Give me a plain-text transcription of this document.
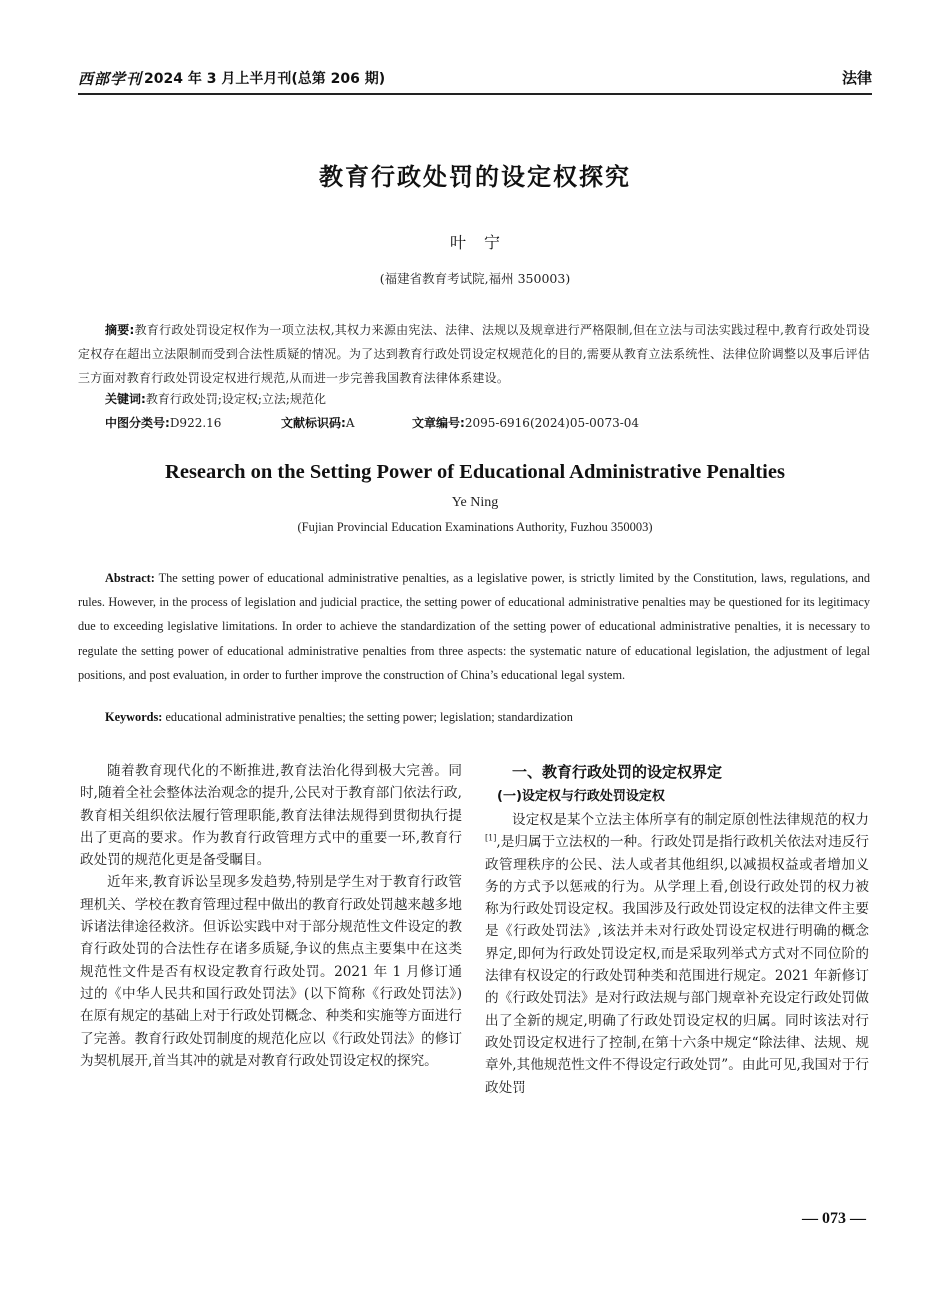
西部学刊 2024 年 3 月上半月刊(总第 206 期)	法律
教育行政处罚的设定权探究
叶宁
(福建省教育考试院,福州 350003)
摘要:教育行政处罚设定权作为一项立法权,其权力来源由宪法、法律、法规以及规章进行严格限制,但在立法与司法实践过程中,教育行政处罚设定权存在超出立法限制而受到合法性质疑的情况。为了达到教育行政处罚设定权规范化的目的,需要从教育立法系统性、法律位阶调整以及事后评估三方面对教育行政处罚设定权进行规范,从而进一步完善我国教育法律体系建设。
关键词:教育行政处罚;设定权;立法;规范化
中图分类号:D922.16	文献标识码:A	文章编号:2095-6916(2024)05-0073-04
Research on the Setting Power of Educational Administrative Penalties
Ye Ning
(Fujian Provincial Education Examinations Authority, Fuzhou 350003)
Abstract: The setting power of educational administrative penalties, as a legislative power, is strictly limited by the Constitution, laws, regulations, and rules. However, in the process of legislation and judicial practice, the setting power of educational administrative penalties may be questioned for its legitimacy due to exceeding legislative limitations. In order to achieve the standardization of the setting power of educational administrative penalties, it is necessary to regulate the setting power of educational administrative penalties from three aspects: the systematic nature of educational legislation, the adjustment of legal positions, and post evaluation, in order to further improve the construction of China’s educational legal system.
Keywords: educational administrative penalties; the setting power; legislation; standardization

随着教育现代化的不断推进,教育法治化得到极大完善。同时,随着全社会整体法治观念的提升,公民对于教育部门依法行政,教育相关组织依法履行管理职能,教育法律法规得到贯彻执行提出了更高的要求。作为教育行政管理方式中的重要一环,教育行政处罚的规范化更是备受瞩目。

近年来,教育诉讼呈现多发趋势,特别是学生对于教育行政管理机关、学校在教育管理过程中做出的教育行政处罚越来越多地诉诸法律途径救济。但诉讼实践中对于部分规范性文件设定的教育行政处罚的合法性存在诸多质疑,争议的焦点主要集中在这类规范性文件是否有权设定教育行政处罚。2021 年 1 月修订通过的《中华人民共和国行政处罚法》(以下简称《行政处罚法》)在原有规定的基础上对于行政处罚概念、种类和实施等方面进行了完善。教育行政处罚制度的规范化应以《行政处罚法》的修订为契机展开,首当其冲的就是对教育行政处罚设定权的探究。

一、教育行政处罚的设定权界定
(一)设定权与行政处罚设定权

设定权是某个立法主体所享有的制定原创性法律规范的权力[1],是归属于立法权的一种。行政处罚是指行政机关依法对违反行政管理秩序的公民、法人或者其他组织,以减损权益或者增加义务的方式予以惩戒的行为。从学理上看,创设行政处罚的权力被称为行政处罚设定权。我国涉及行政处罚设定权的法律文件主要是《行政处罚法》,该法并未对行政处罚设定权进行明确的概念界定,即何为行政处罚设定权,而是采取列举式方式对不同位阶的法律有权设定的行政处罚种类和范围进行规定。2021 年新修订的《行政处罚法》是对行政法规与部门规章补充设定行政处罚做出了全新的规定,明确了行政处罚设定权的归属。同时该法对行政处罚设定权进行了控制,在第十六条中规定“除法律、法规、规章外,其他规范性文件不得设定行政处罚”。由此可见,我国对于行政处罚

— 073 —
